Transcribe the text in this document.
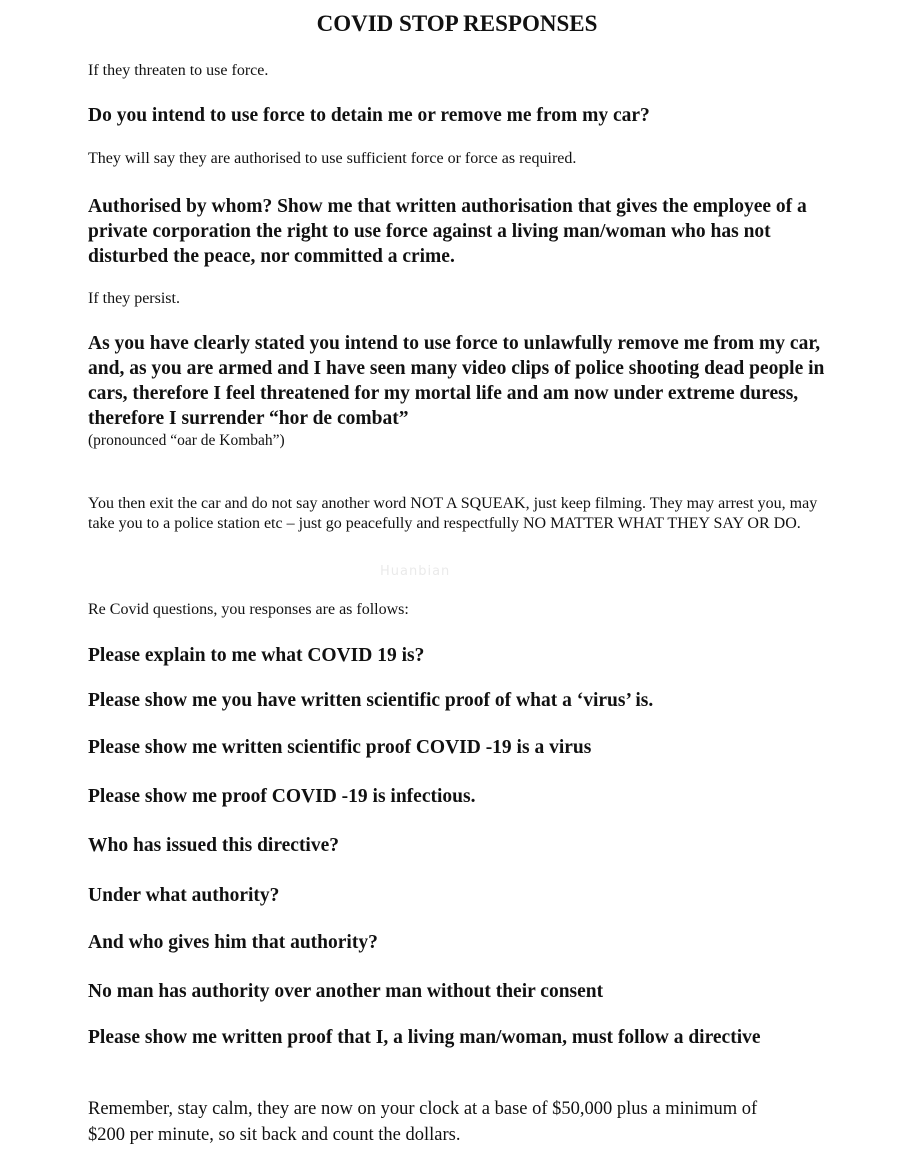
COVID STOP RESPONSES
If they threaten to use force.
Do you intend to use force to detain me or remove me from my car?
They will say they are authorised to use sufficient force or force as required.
Authorised by whom? Show me that written authorisation that gives the employee of a private corporation the right to use force against a living man/woman who has not disturbed the peace, nor committed a crime.
If they persist.
As you have clearly stated you intend to use force to unlawfully remove me from my car, and, as you are armed and I have seen many video clips of police shooting dead people in cars, therefore I feel threatened for my mortal life and am now under extreme duress, therefore I surrender “hor de combat”
(pronounced “oar de Kombah”)
You then exit the car and do not say another word NOT A SQUEAK, just keep filming. They may arrest you, may take you to a police station etc – just go peacefully and respectfully NO MATTER WHAT THEY SAY OR DO.
Huanbian
Re Covid questions, you responses are as follows:
Please explain to me what COVID 19 is?
Please show me you have written scientific proof of what a ‘virus’ is.
Please show me written scientific proof COVID -19 is a virus
Please show me proof COVID -19 is infectious.
Who has issued this directive?
Under what authority?
And who gives him that authority?
No man has authority over another man without their consent
Please show me written proof that I, a living man/woman, must follow a directive
Remember, stay calm, they are now on your clock at a base of $50,000 plus a minimum of $200 per minute, so sit back and count the dollars.
